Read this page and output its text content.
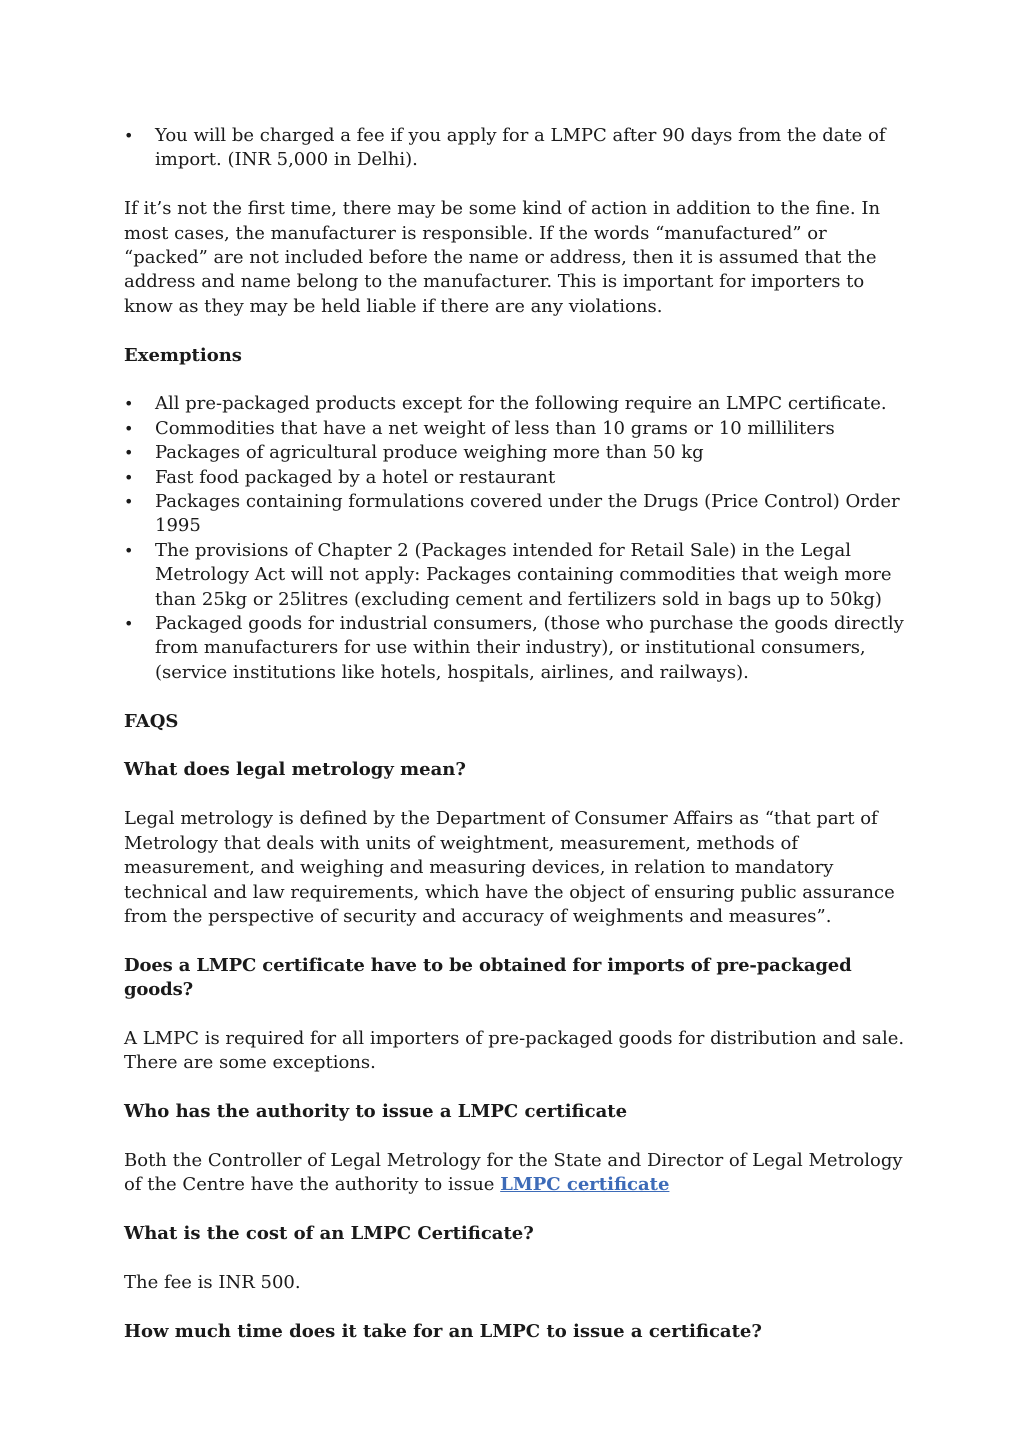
• You will be charged a fee if you apply for a LMPC after 90 days from the date of import. (INR 5,000 in Delhi).

If it’s not the first time, there may be some kind of action in addition to the fine. In most cases, the manufacturer is responsible. If the words “manufactured” or “packed” are not included before the name or address, then it is assumed that the address and name belong to the manufacturer. This is important for importers to know as they may be held liable if there are any violations.

Exemptions

• All pre-packaged products except for the following require an LMPC certificate.
• Commodities that have a net weight of less than 10 grams or 10 milliliters
• Packages of agricultural produce weighing more than 50 kg
• Fast food packaged by a hotel or restaurant
• Packages containing formulations covered under the Drugs (Price Control) Order 1995
• The provisions of Chapter 2 (Packages intended for Retail Sale) in the Legal Metrology Act will not apply: Packages containing commodities that weigh more than 25kg or 25litres (excluding cement and fertilizers sold in bags up to 50kg)
• Packaged goods for industrial consumers, (those who purchase the goods directly from manufacturers for use within their industry), or institutional consumers, (service institutions like hotels, hospitals, airlines, and railways).

FAQS

What does legal metrology mean?

Legal metrology is defined by the Department of Consumer Affairs as “that part of Metrology that deals with units of weightment, measurement, methods of measurement, and weighing and measuring devices, in relation to mandatory technical and law requirements, which have the object of ensuring public assurance from the perspective of security and accuracy of weighments and measures”.

Does a LMPC certificate have to be obtained for imports of pre-packaged goods?

A LMPC is required for all importers of pre-packaged goods for distribution and sale. There are some exceptions.

Who has the authority to issue a LMPC certificate

Both the Controller of Legal Metrology for the State and Director of Legal Metrology of the Centre have the authority to issue LMPC certificate

What is the cost of an LMPC Certificate?

The fee is INR 500.

How much time does it take for an LMPC to issue a certificate?
